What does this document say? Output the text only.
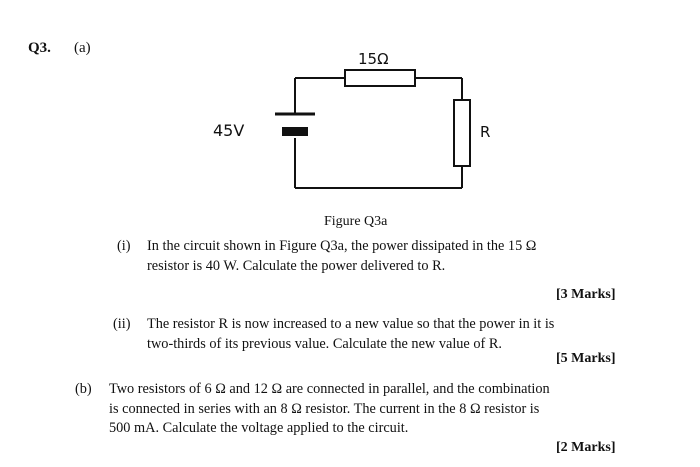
Q3. (a)
15Ω
R
45V
Figure Q3a
(i) In the circuit shown in Figure Q3a, the power dissipated in the 15 Ω
resistor is 40 W. Calculate the power delivered to R.
[3 Marks]
(ii) The resistor R is now increased to a new value so that the power in it is
two-thirds of its previous value. Calculate the new value of R.
[5 Marks]
(b) Two resistors of 6 Ω and 12 Ω are connected in parallel, and the combination
is connected in series with an 8 Ω resistor. The current in the 8 Ω resistor is
500 mA. Calculate the voltage applied to the circuit.
[2 Marks]
